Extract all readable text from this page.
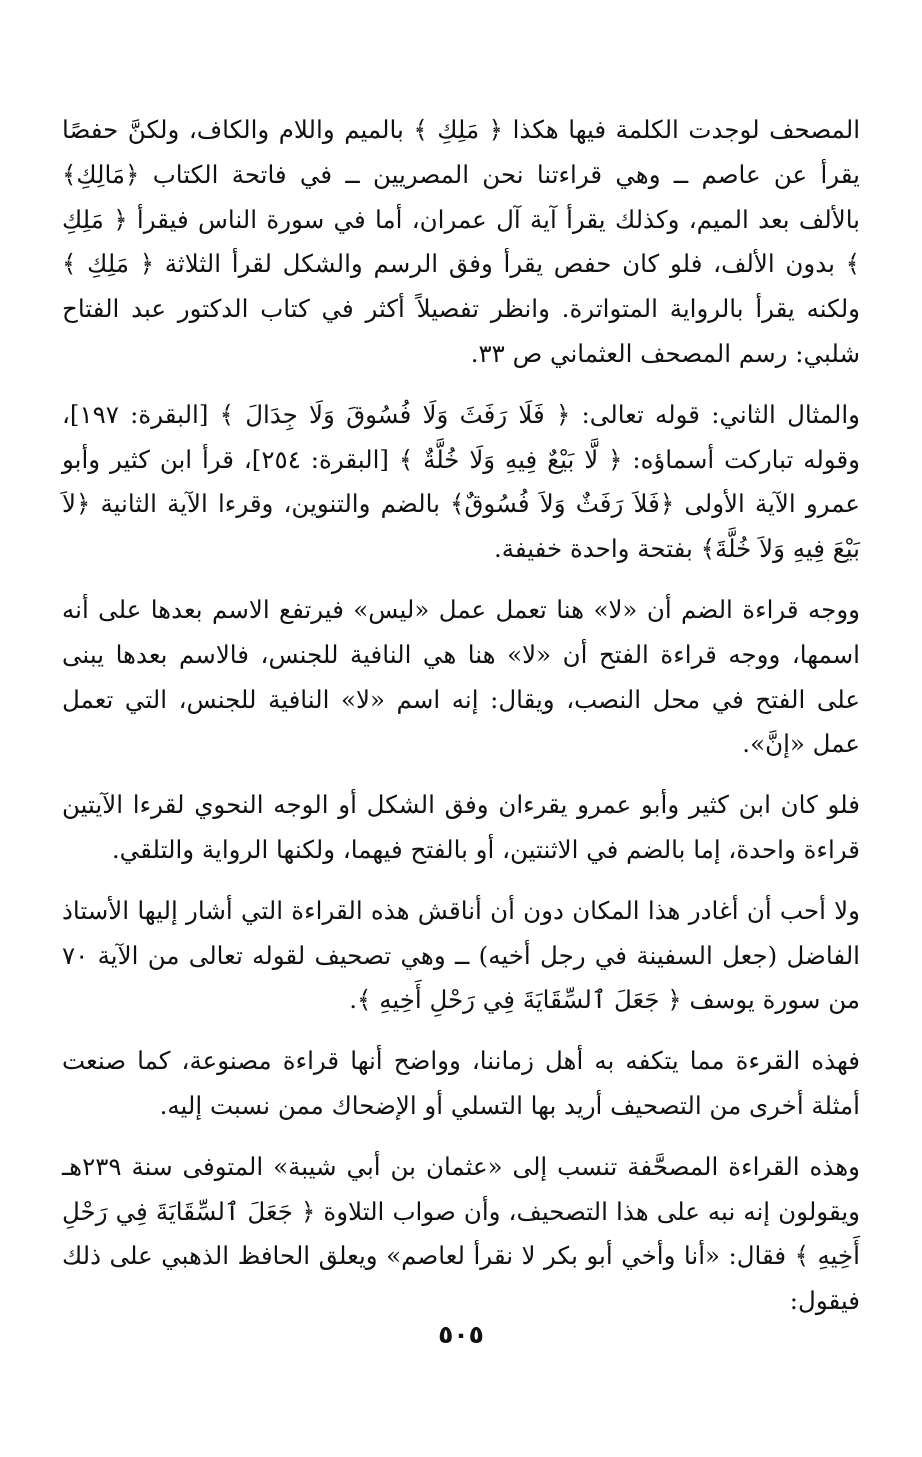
المصحف لوجدت الكلمة فيها هكذا ﴿ مَلِكِ ﴾ بالميم واللام والكاف، ولكنَّ حفصًا يقرأ عن عاصم ــ وهي قراءتنا نحن المصريين ــ في فاتحة الكتاب ﴿مَالِكِ﴾ بالألف بعد الميم، وكذلك يقرأ آية آل عمران، أما في سورة الناس فيقرأ ﴿ مَلِكِ ﴾ بدون الألف، فلو كان حفص يقرأ وفق الرسم والشكل لقرأ الثلاثة ﴿ مَلِكِ ﴾ ولكنه يقرأ بالرواية المتواترة. وانظر تفصيلاً أكثر في كتاب الدكتور عبد الفتاح شلبي: رسم المصحف العثماني ص ٣٣.

والمثال الثاني: قوله تعالى: ﴿ فَلَا رَفَثَ وَلَا فُسُوقَ وَلَا جِدَالَ ﴾ [البقرة: ١٩٧]، وقوله تباركت أسماؤه: ﴿ لَّا بَيْعٌ فِيهِ وَلَا خُلَّةٌ ﴾ [البقرة: ٢٥٤]، قرأ ابن كثير وأبو عمرو الآية الأولى ﴿فَلاَ رَفَثٌ وَلاَ فُسُوقٌ﴾ بالضم والتنوين، وقرءا الآية الثانية ﴿لاَ بَيْعَ فِيهِ وَلاَ خُلَّةَ﴾ بفتحة واحدة خفيفة.

ووجه قراءة الضم أن «لا» هنا تعمل عمل «ليس» فيرتفع الاسم بعدها على أنه اسمها، ووجه قراءة الفتح أن «لا» هنا هي النافية للجنس، فالاسم بعدها يبنى على الفتح في محل النصب، ويقال: إنه اسم «لا» النافية للجنس، التي تعمل عمل «إنَّ».

فلو كان ابن كثير وأبو عمرو يقرءان وفق الشكل أو الوجه النحوي لقرءا الآيتين قراءة واحدة، إما بالضم في الاثنتين، أو بالفتح فيهما، ولكنها الرواية والتلقي.

ولا أحب أن أغادر هذا المكان دون أن أناقش هذه القراءة التي أشار إليها الأستاذ الفاضل (جعل السفينة في رجل أخيه) ــ وهي تصحيف لقوله تعالى من الآية ٧٠ من سورة يوسف ﴿ جَعَلَ ٱلسِّقَايَةَ فِي رَحْلِ أَخِيهِ ﴾.

فهذه القرءة مما يتكفه به أهل زماننا، وواضح أنها قراءة مصنوعة، كما صنعت أمثلة أخرى من التصحيف أريد بها التسلي أو الإضحاك ممن نسبت إليه.

وهذه القراءة المصحَّفة تنسب إلى «عثمان بن أبي شيبة» المتوفى سنة ٢٣٩هـ ويقولون إنه نبه على هذا التصحيف، وأن صواب التلاوة ﴿ جَعَلَ ٱلسِّقَايَةَ فِي رَحْلِ أَخِيهِ ﴾ فقال: «أنا وأخي أبو بكر لا نقرأ لعاصم» ويعلق الحافظ الذهبي على ذلك فيقول:

٥٠٥
